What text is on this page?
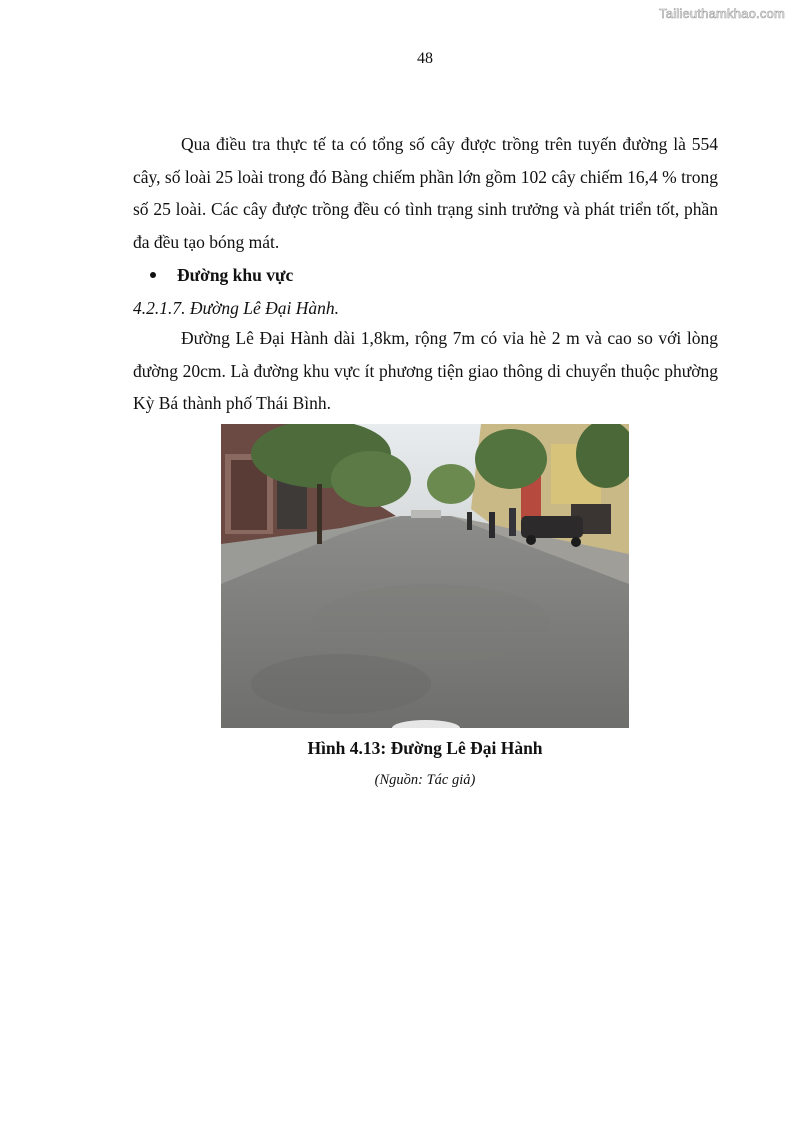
Tailieuthamkhao.com
48

Qua điều tra thực tế ta có tổng số cây được trồng trên tuyến đường là 554 cây, số loài 25 loài trong đó Bàng chiếm phần lớn gồm 102 cây chiếm 16,4 % trong số 25 loài. Các cây được trồng đều có tình trạng sinh trưởng và phát triển tốt, phần đa đều tạo bóng mát.

Đường khu vực
4.2.1.7. Đường Lê Đại Hành.

Đường Lê Đại Hành dài 1,8km, rộng 7m có vỉa hè 2 m và cao so với lòng đường 20cm. Là đường khu vực ít phương tiện giao thông di chuyển thuộc phường Kỳ Bá thành phố Thái Bình.

Hình 4.13: Đường Lê Đại Hành
(Nguồn: Tác giả)
